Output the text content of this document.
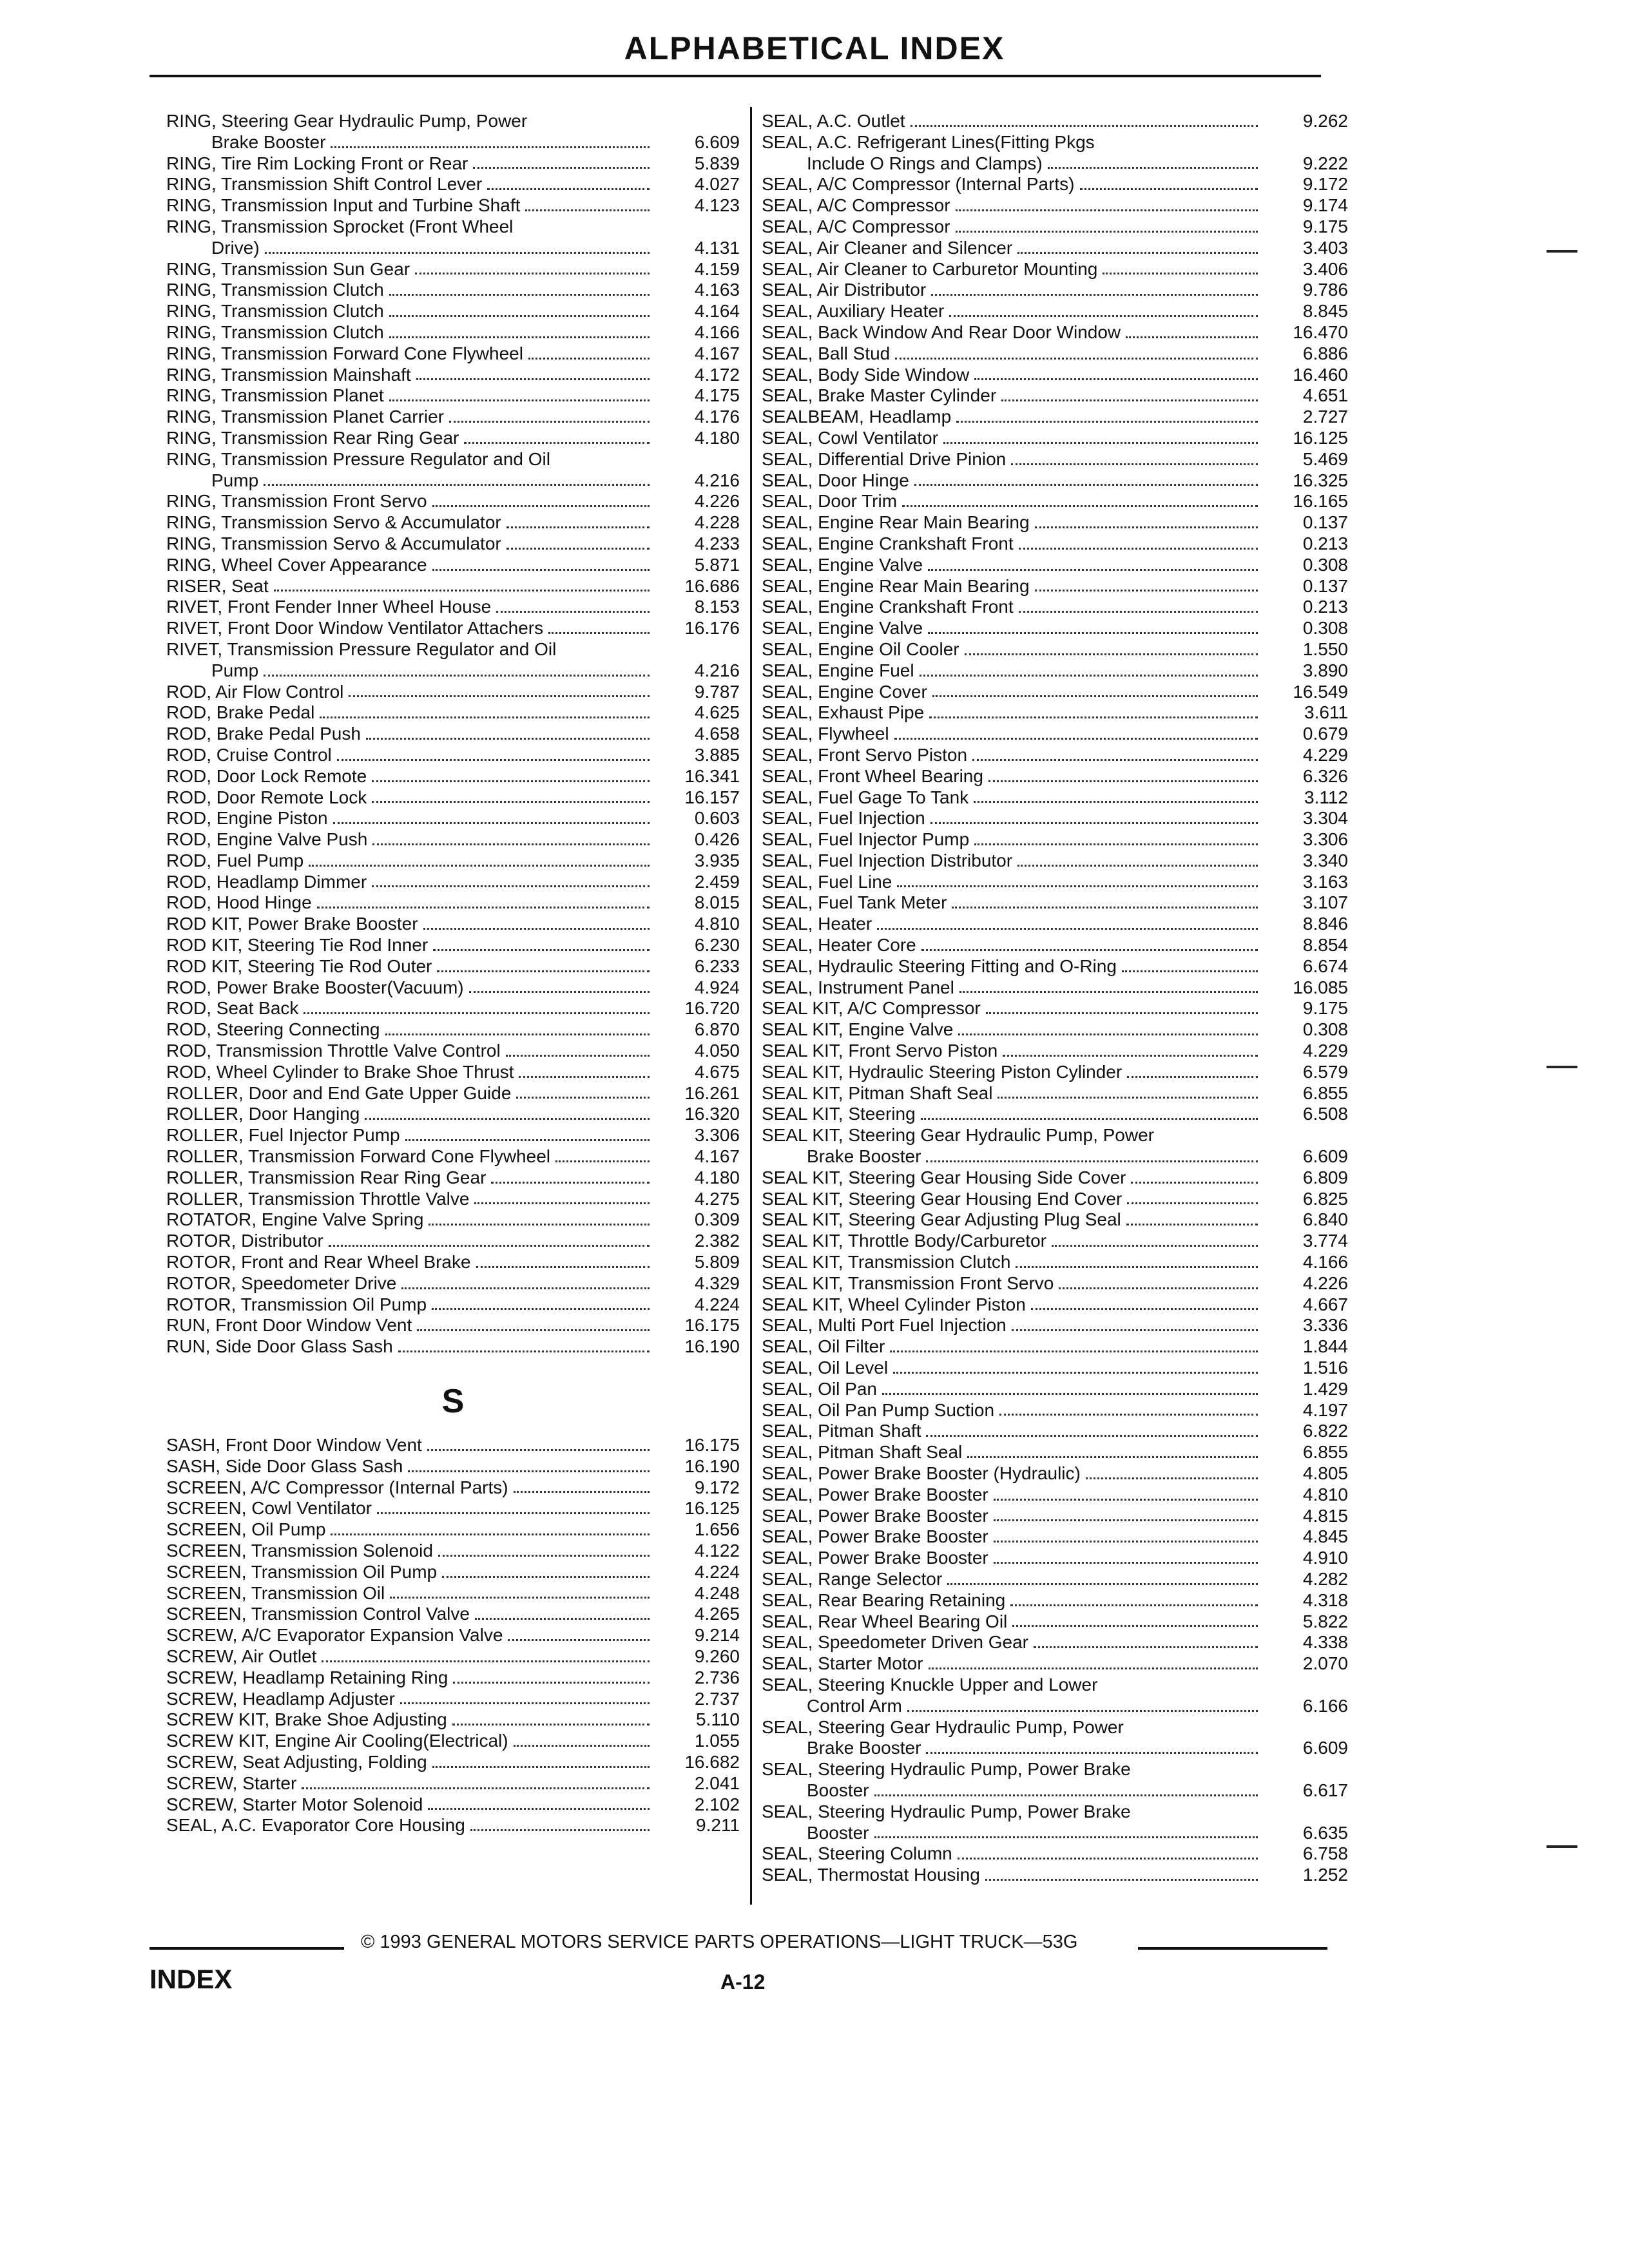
ALPHABETICAL INDEX
RING, Steering Gear Hydraulic Pump, Power
Brake Booster	6.609
RING, Tire Rim Locking Front or Rear	5.839
RING, Transmission Shift Control Lever	4.027
RING, Transmission Input and Turbine Shaft	4.123
RING, Transmission Sprocket (Front Wheel
Drive)	4.131
RING, Transmission Sun Gear	4.159
RING, Transmission Clutch	4.163
RING, Transmission Clutch	4.164
RING, Transmission Clutch	4.166
RING, Transmission Forward Cone Flywheel	4.167
RING, Transmission Mainshaft	4.172
RING, Transmission Planet	4.175
RING, Transmission Planet Carrier	4.176
RING, Transmission Rear Ring Gear	4.180
RING, Transmission Pressure Regulator and Oil
Pump	4.216
RING, Transmission Front Servo	4.226
RING, Transmission Servo & Accumulator	4.228
RING, Transmission Servo & Accumulator	4.233
RING, Wheel Cover Appearance	5.871
RISER, Seat	16.686
RIVET, Front Fender Inner Wheel House	8.153
RIVET, Front Door Window Ventilator Attachers	16.176
RIVET, Transmission Pressure Regulator and Oil
Pump	4.216
ROD, Air Flow Control	9.787
ROD, Brake Pedal	4.625
ROD, Brake Pedal Push	4.658
ROD, Cruise Control	3.885
ROD, Door Lock Remote	16.341
ROD, Door Remote Lock	16.157
ROD, Engine Piston	0.603
ROD, Engine Valve Push	0.426
ROD, Fuel Pump	3.935
ROD, Headlamp Dimmer	2.459
ROD, Hood Hinge	8.015
ROD KIT, Power Brake Booster	4.810
ROD KIT, Steering Tie Rod Inner	6.230
ROD KIT, Steering Tie Rod Outer	6.233
ROD, Power Brake Booster(Vacuum)	4.924
ROD, Seat Back	16.720
ROD, Steering Connecting	6.870
ROD, Transmission Throttle Valve Control	4.050
ROD, Wheel Cylinder to Brake Shoe Thrust	4.675
ROLLER, Door and End Gate Upper Guide	16.261
ROLLER, Door Hanging	16.320
ROLLER, Fuel Injector Pump	3.306
ROLLER, Transmission Forward Cone Flywheel	4.167
ROLLER, Transmission Rear Ring Gear	4.180
ROLLER, Transmission Throttle Valve	4.275
ROTATOR, Engine Valve Spring	0.309
ROTOR, Distributor	2.382
ROTOR, Front and Rear Wheel Brake	5.809
ROTOR, Speedometer Drive	4.329
ROTOR, Transmission Oil Pump	4.224
RUN, Front Door Window Vent	16.175
RUN, Side Door Glass Sash	16.190
S
SASH, Front Door Window Vent	16.175
SASH, Side Door Glass Sash	16.190
SCREEN, A/C Compressor (Internal Parts)	9.172
SCREEN, Cowl Ventilator	16.125
SCREEN, Oil Pump	1.656
SCREEN, Transmission Solenoid	4.122
SCREEN, Transmission Oil Pump	4.224
SCREEN, Transmission Oil	4.248
SCREEN, Transmission Control Valve	4.265
SCREW, A/C Evaporator Expansion Valve	9.214
SCREW, Air Outlet	9.260
SCREW, Headlamp Retaining Ring	2.736
SCREW, Headlamp Adjuster	2.737
SCREW KIT, Brake Shoe Adjusting	5.110
SCREW KIT, Engine Air Cooling(Electrical)	1.055
SCREW, Seat Adjusting, Folding	16.682
SCREW, Starter	2.041
SCREW, Starter Motor Solenoid	2.102
SEAL, A.C. Evaporator Core Housing	9.211
SEAL, A.C. Outlet	9.262
SEAL, A.C. Refrigerant Lines(Fitting Pkgs
Include O Rings and Clamps)	9.222
SEAL, A/C Compressor (Internal Parts)	9.172
SEAL, A/C Compressor	9.174
SEAL, A/C Compressor	9.175
SEAL, Air Cleaner and Silencer	3.403
SEAL, Air Cleaner to Carburetor Mounting	3.406
SEAL, Air Distributor	9.786
SEAL, Auxiliary Heater	8.845
SEAL, Back Window And Rear Door Window	16.470
SEAL, Ball Stud	6.886
SEAL, Body Side Window	16.460
SEAL, Brake Master Cylinder	4.651
SEALBEAM, Headlamp	2.727
SEAL, Cowl Ventilator	16.125
SEAL, Differential Drive Pinion	5.469
SEAL, Door Hinge	16.325
SEAL, Door Trim	16.165
SEAL, Engine Rear Main Bearing	0.137
SEAL, Engine Crankshaft Front	0.213
SEAL, Engine Valve	0.308
SEAL, Engine Rear Main Bearing	0.137
SEAL, Engine Crankshaft Front	0.213
SEAL, Engine Valve	0.308
SEAL, Engine Oil Cooler	1.550
SEAL, Engine Fuel	3.890
SEAL, Engine Cover	16.549
SEAL, Exhaust Pipe	3.611
SEAL, Flywheel	0.679
SEAL, Front Servo Piston	4.229
SEAL, Front Wheel Bearing	6.326
SEAL, Fuel Gage To Tank	3.112
SEAL, Fuel Injection	3.304
SEAL, Fuel Injector Pump	3.306
SEAL, Fuel Injection Distributor	3.340
SEAL, Fuel Line	3.163
SEAL, Fuel Tank Meter	3.107
SEAL, Heater	8.846
SEAL, Heater Core	8.854
SEAL, Hydraulic Steering Fitting and O-Ring	6.674
SEAL, Instrument Panel	16.085
SEAL KIT, A/C Compressor	9.175
SEAL KIT, Engine Valve	0.308
SEAL KIT, Front Servo Piston	4.229
SEAL KIT, Hydraulic Steering Piston Cylinder	6.579
SEAL KIT, Pitman Shaft Seal	6.855
SEAL KIT, Steering	6.508
SEAL KIT, Steering Gear Hydraulic Pump, Power
Brake Booster	6.609
SEAL KIT, Steering Gear Housing Side Cover	6.809
SEAL KIT, Steering Gear Housing End Cover	6.825
SEAL KIT, Steering Gear Adjusting Plug Seal	6.840
SEAL KIT, Throttle Body/Carburetor	3.774
SEAL KIT, Transmission Clutch	4.166
SEAL KIT, Transmission Front Servo	4.226
SEAL KIT, Wheel Cylinder Piston	4.667
SEAL, Multi Port Fuel Injection	3.336
SEAL, Oil Filter	1.844
SEAL, Oil Level	1.516
SEAL, Oil Pan	1.429
SEAL, Oil Pan Pump Suction	4.197
SEAL, Pitman Shaft	6.822
SEAL, Pitman Shaft Seal	6.855
SEAL, Power Brake Booster (Hydraulic)	4.805
SEAL, Power Brake Booster	4.810
SEAL, Power Brake Booster	4.815
SEAL, Power Brake Booster	4.845
SEAL, Power Brake Booster	4.910
SEAL, Range Selector	4.282
SEAL, Rear Bearing Retaining	4.318
SEAL, Rear Wheel Bearing Oil	5.822
SEAL, Speedometer Driven Gear	4.338
SEAL, Starter Motor	2.070
SEAL, Steering Knuckle Upper and Lower
Control Arm	6.166
SEAL, Steering Gear Hydraulic Pump, Power
Brake Booster	6.609
SEAL, Steering Hydraulic Pump, Power Brake
Booster	6.617
SEAL, Steering Hydraulic Pump, Power Brake
Booster	6.635
SEAL, Steering Column	6.758
SEAL, Thermostat Housing	1.252
© 1993 GENERAL MOTORS SERVICE PARTS OPERATIONS—LIGHT TRUCK—53G
INDEX	A-12
